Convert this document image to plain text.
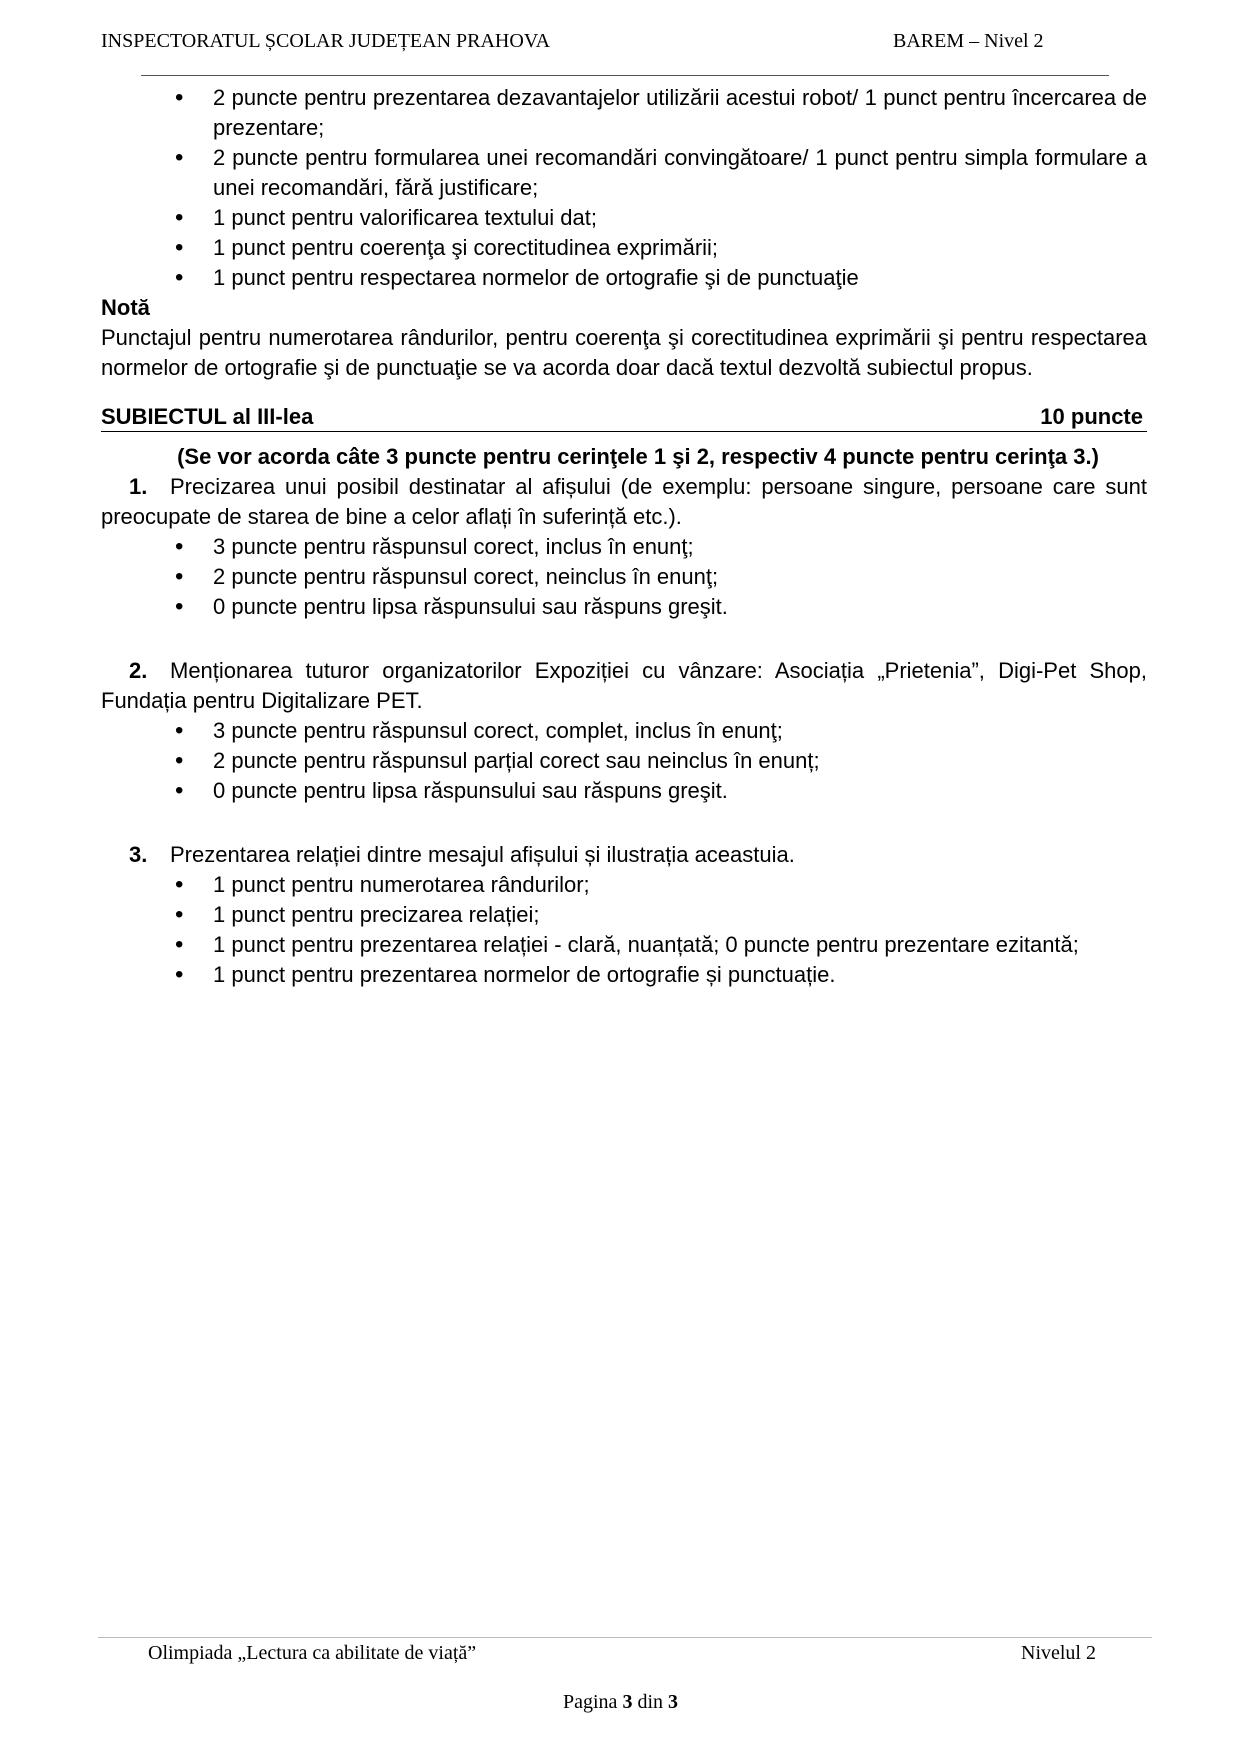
INSPECTORATUL ȘCOLAR JUDEȚEAN PRAHOVA	BAREM – Nivel 2
• 2 puncte pentru prezentarea dezavantajelor utilizării acestui robot/ 1 punct pentru încercarea de prezentare;
• 2 puncte pentru formularea unei recomandări convingătoare/ 1 punct pentru simpla formulare a unei recomandări, fără justificare;
• 1 punct pentru valorificarea textului dat;
• 1 punct pentru coerenţa şi corectitudinea exprimării;
• 1 punct pentru respectarea normelor de ortografie şi de punctuaţie

Notă

Punctajul pentru numerotarea rândurilor, pentru coerenţa şi corectitudinea exprimării şi pentru respectarea normelor de ortografie şi de punctuaţie se va acorda doar dacă textul dezvoltă subiectul propus.

SUBIECTUL al III-lea	10 puncte

(Se vor acorda câte 3 puncte pentru cerinţele 1 şi 2, respectiv 4 puncte pentru cerinţa 3.)

1. Precizarea unui posibil destinatar al afișului (de exemplu: persoane singure, persoane care sunt preocupate de starea de bine a celor aflați în suferință etc.).

• 3 puncte pentru răspunsul corect, inclus în enunţ;
• 2 puncte pentru răspunsul corect, neinclus în enunţ;
• 0 puncte pentru lipsa răspunsului sau răspuns greşit.

2. Menționarea tuturor organizatorilor Expoziției cu vânzare: Asociația „Prietenia”, Digi-Pet Shop, Fundația pentru Digitalizare PET.

• 3 puncte pentru răspunsul corect, complet, inclus în enunţ;
• 2 puncte pentru răspunsul parțial corect sau neinclus în enunț;
• 0 puncte pentru lipsa răspunsului sau răspuns greşit.

3. Prezentarea relației dintre mesajul afișului și ilustrația aceastuia.

• 1 punct pentru numerotarea rândurilor;
• 1 punct pentru precizarea relației;
• 1 punct pentru prezentarea relației - clară, nuanțată; 0 puncte pentru prezentare ezitantă;
• 1 punct pentru prezentarea normelor de ortografie și punctuație.
Olimpiada „Lectura ca abilitate de viață”	Nivelul 2
Pagina 3 din 3
